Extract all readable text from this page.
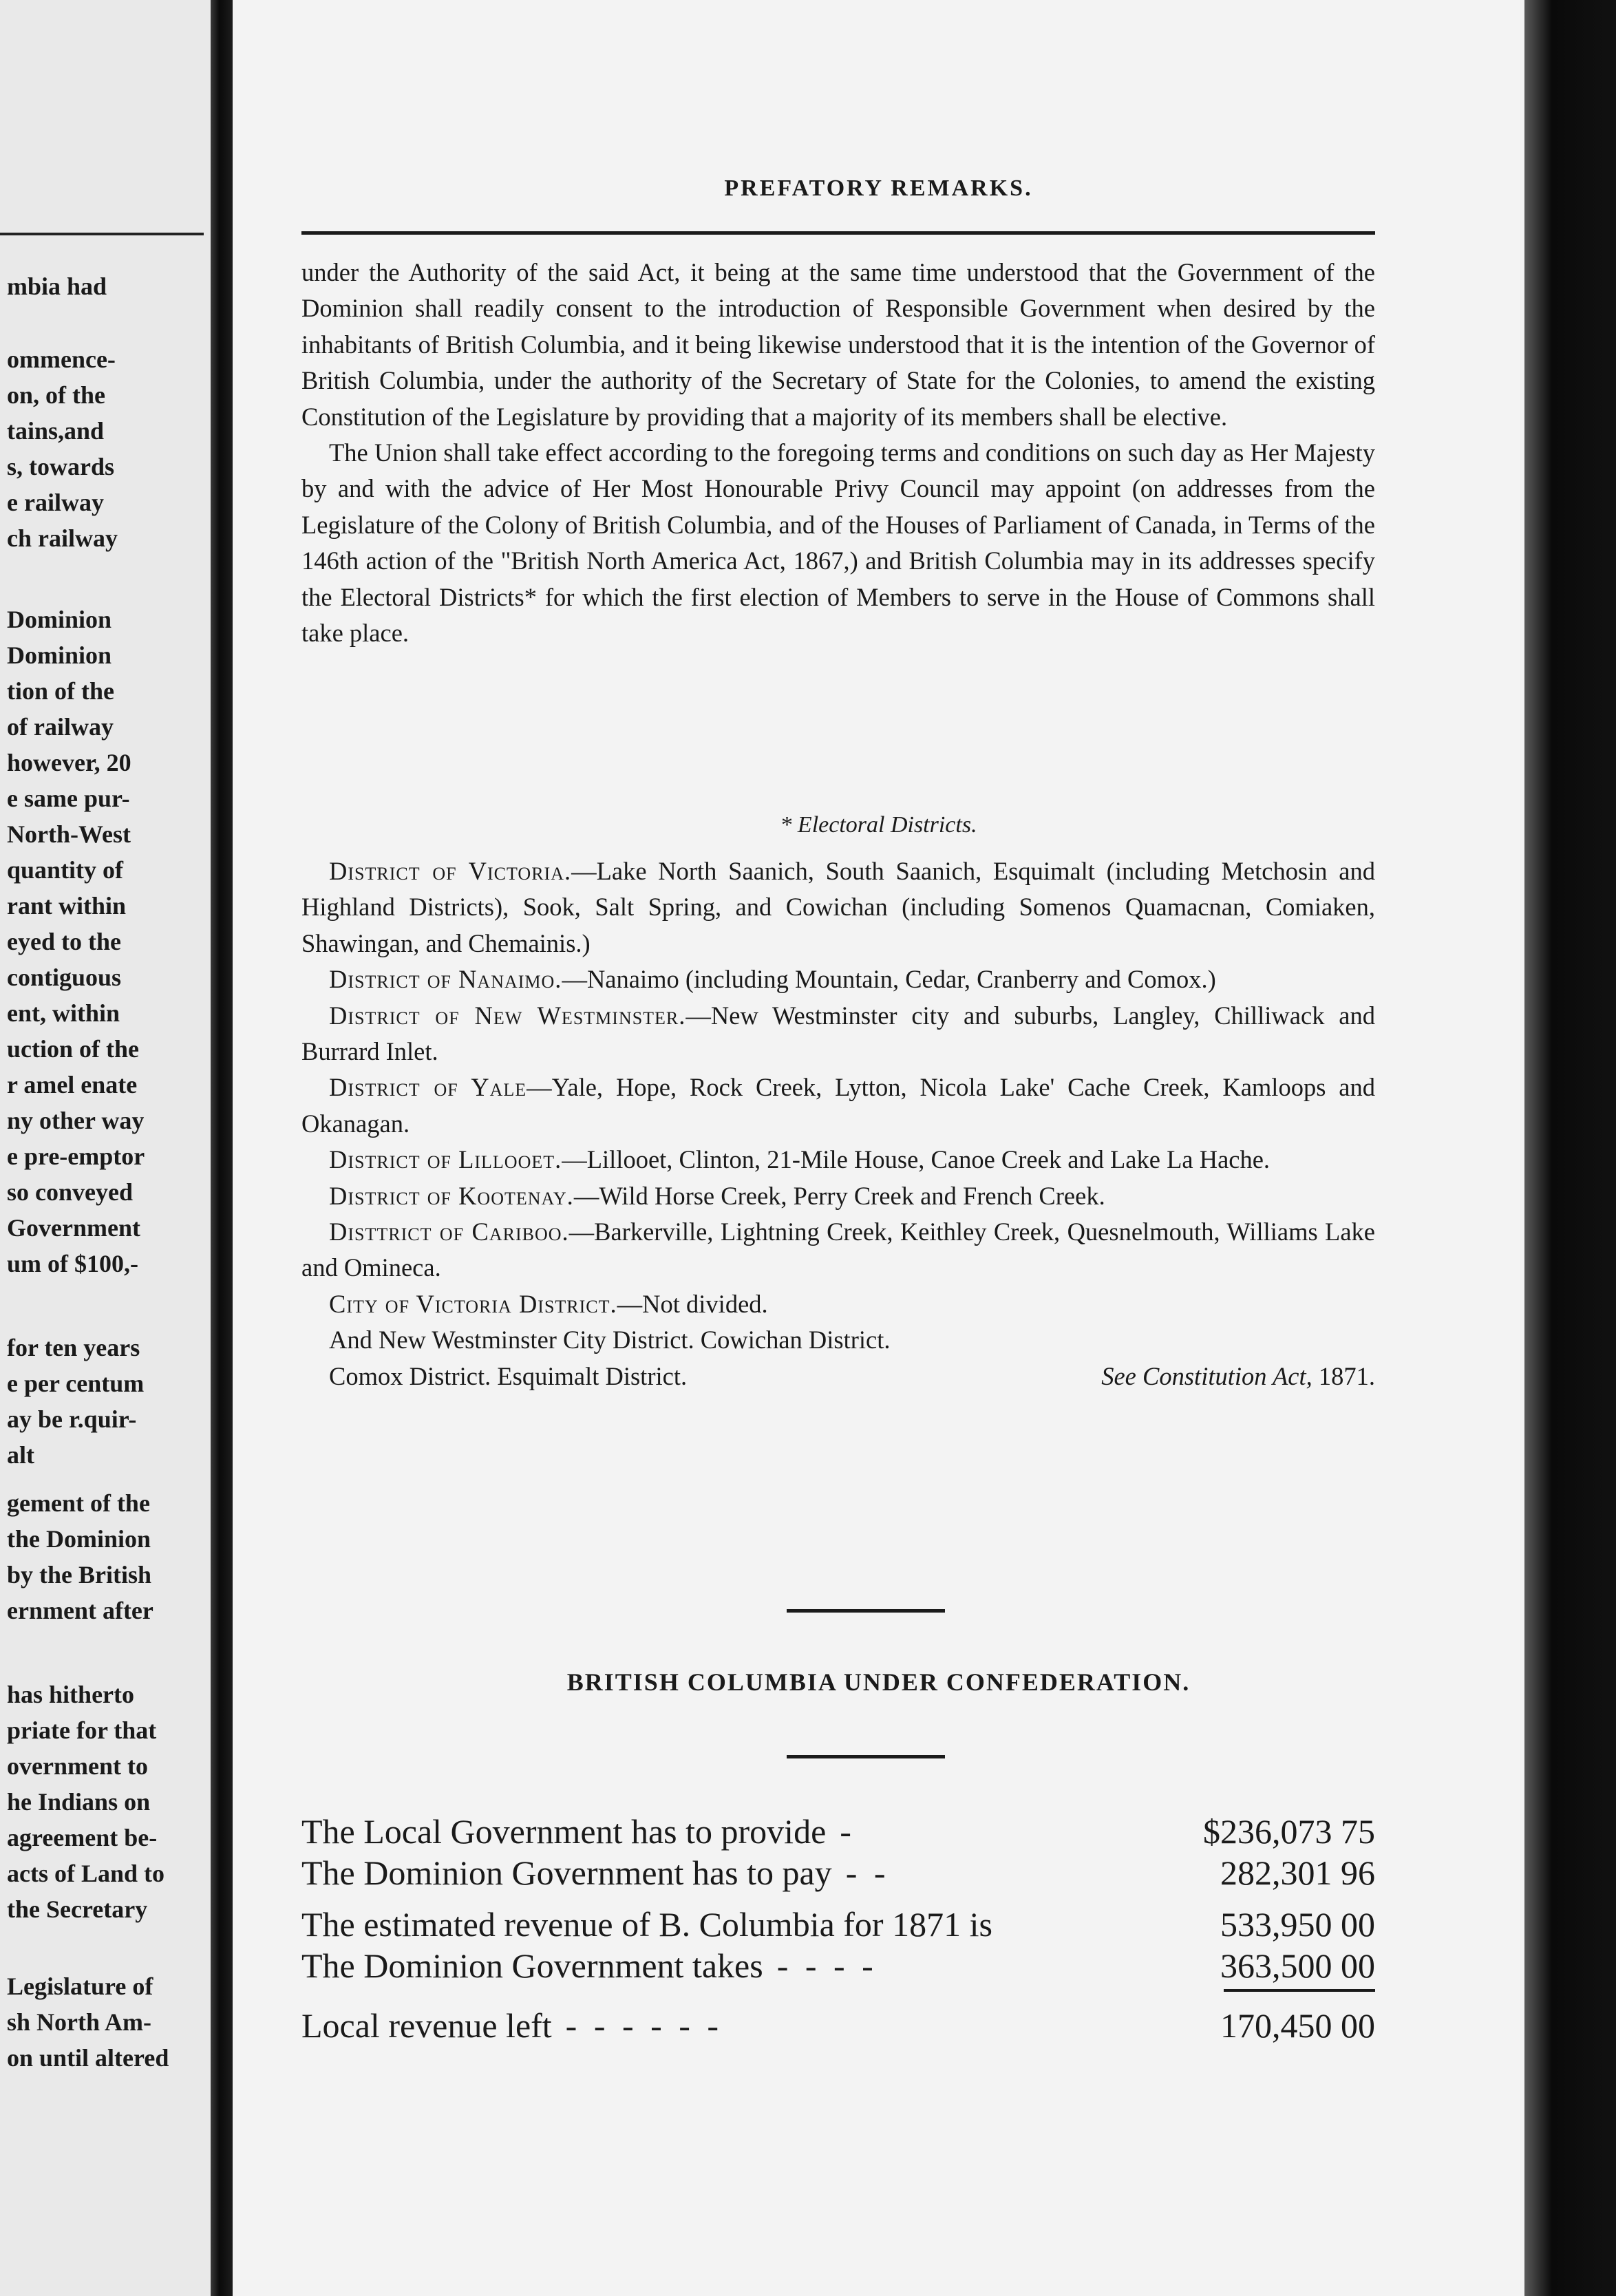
mbia had
ommence-
on, of the
tains,and
s, towards
e railway
ch railway
Dominion
Dominion
tion of the
of railway
however, 20
e same pur-
North-West
quantity of
rant within
eyed to the
contiguous
ent, within
uction of the
r amel enate
ny other way
e pre-emptor
so conveyed
Government
um of $100,-
for ten years
e per centum
ay be r.quir-
alt
gement of the
the Dominion
by the British
ernment after
has hitherto
priate for that
overnment to
he Indians on
agreement be-
acts of Land to
the Secretary
Legislature of
sh North Am-
on until altered
PREFATORY REMARKS.

under the Authority of the said Act, it being at the same time understood that the Government of the Dominion shall readily consent to the introduction of Responsible Government when desired by the inhabitants of British Columbia, and it being likewise understood that it is the intention of the Governor of British Columbia, under the authority of the Secretary of State for the Colonies, to amend the existing Constitution of the Legislature by providing that a majority of its members shall be elective.

The Union shall take effect according to the foregoing terms and conditions on such day as Her Majesty by and with the advice of Her Most Honourable Privy Council may appoint (on addresses from the Legislature of the Colony of British Columbia, and of the Houses of Parliament of Canada, in Terms of the 146th action of the "British North America Act, 1867,) and British Columbia may in its addresses specify the Electoral Districts* for which the first election of Members to serve in the House of Commons shall take place.

* Electoral Districts.

District of Victoria.—Lake North Saanich, South Saanich, Esquimalt (including Metchosin and Highland Districts), Sook, Salt Spring, and Cowichan (including Somenos Quamacnan, Comiaken, Shawingan, and Chemainis.)

District of Nanaimo.—Nanaimo (including Mountain, Cedar, Cranberry and Comox.)

District of New Westminster.—New Westminster city and suburbs, Langley, Chilliwack and Burrard Inlet.

District of Yale—Yale, Hope, Rock Creek, Lytton, Nicola Lake' Cache Creek, Kamloops and Okanagan.

District of Lillooet.—Lillooet, Clinton, 21-Mile House, Canoe Creek and Lake La Hache.

District of Kootenay.—Wild Horse Creek, Perry Creek and French Creek.

Disttrict of Cariboo.—Barkerville, Lightning Creek, Keithley Creek, Quesnelmouth, Williams Lake and Omineca.

City of Victoria District.—Not divided.

And New Westminster City District. Cowichan District.

Comox District. Esquimalt District.	See Constitution Act, 1871.

BRITISH COLUMBIA UNDER CONFEDERATION.
The Local Government has to provide -	$236,073 75
The Dominion Government has to pay - -	282,301 96
The estimated revenue of B. Columbia for 1871 is	533,950 00
The Dominion Government takes - - - -	363,500 00
Local revenue left - - - - - -	170,450 00
